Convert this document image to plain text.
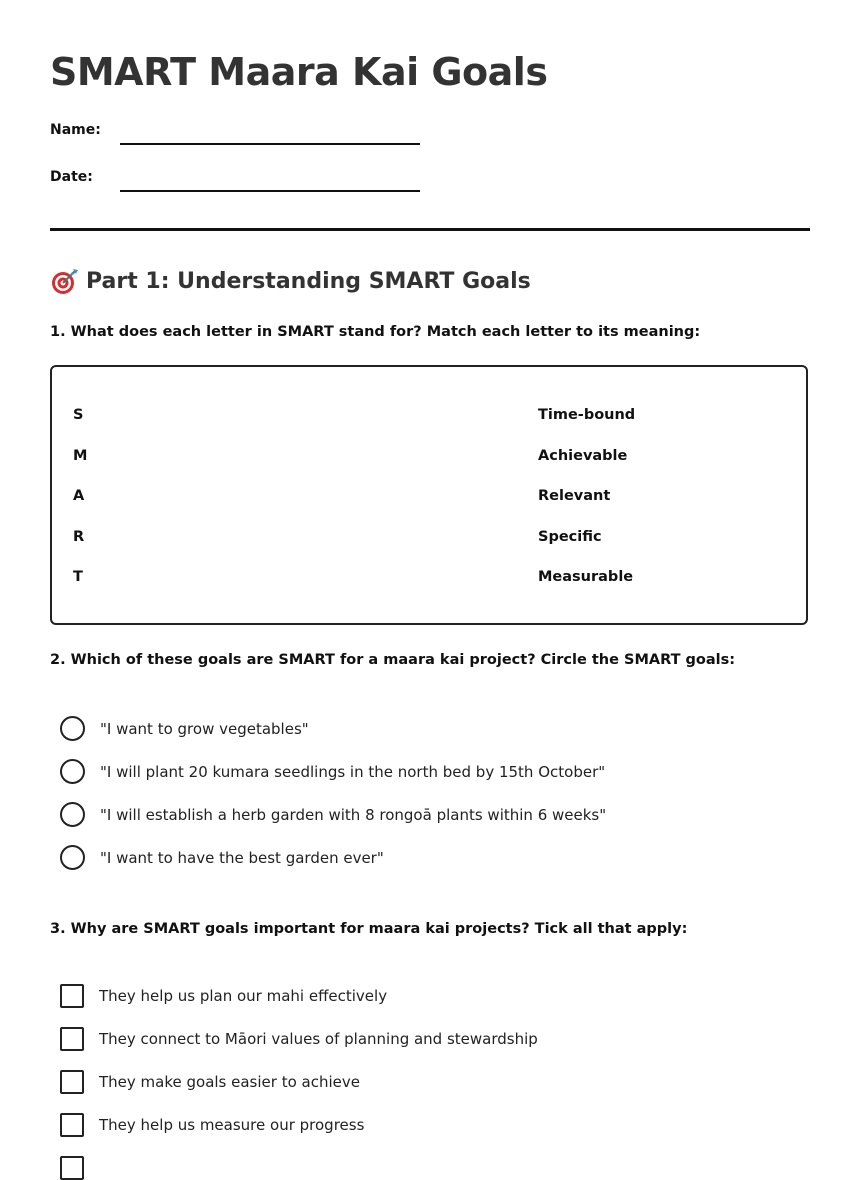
SMART Maara Kai Goals
Name:
Date:
Part 1: Understanding SMART Goals

1. What does each letter in SMART stand for? Match each letter to its meaning:

S
M
A
R
T
Time-bound
Achievable
Relevant
Specific
Measurable

2. Which of these goals are SMART for a maara kai project? Circle the SMART goals:

"I want to grow vegetables"
"I will plant 20 kumara seedlings in the north bed by 15th October"
"I will establish a herb garden with 8 rongoā plants within 6 weeks"
"I want to have the best garden ever"

3. Why are SMART goals important for maara kai projects? Tick all that apply:

They help us plan our mahi effectively
They connect to Māori values of planning and stewardship
They make goals easier to achieve
They help us measure our progress
